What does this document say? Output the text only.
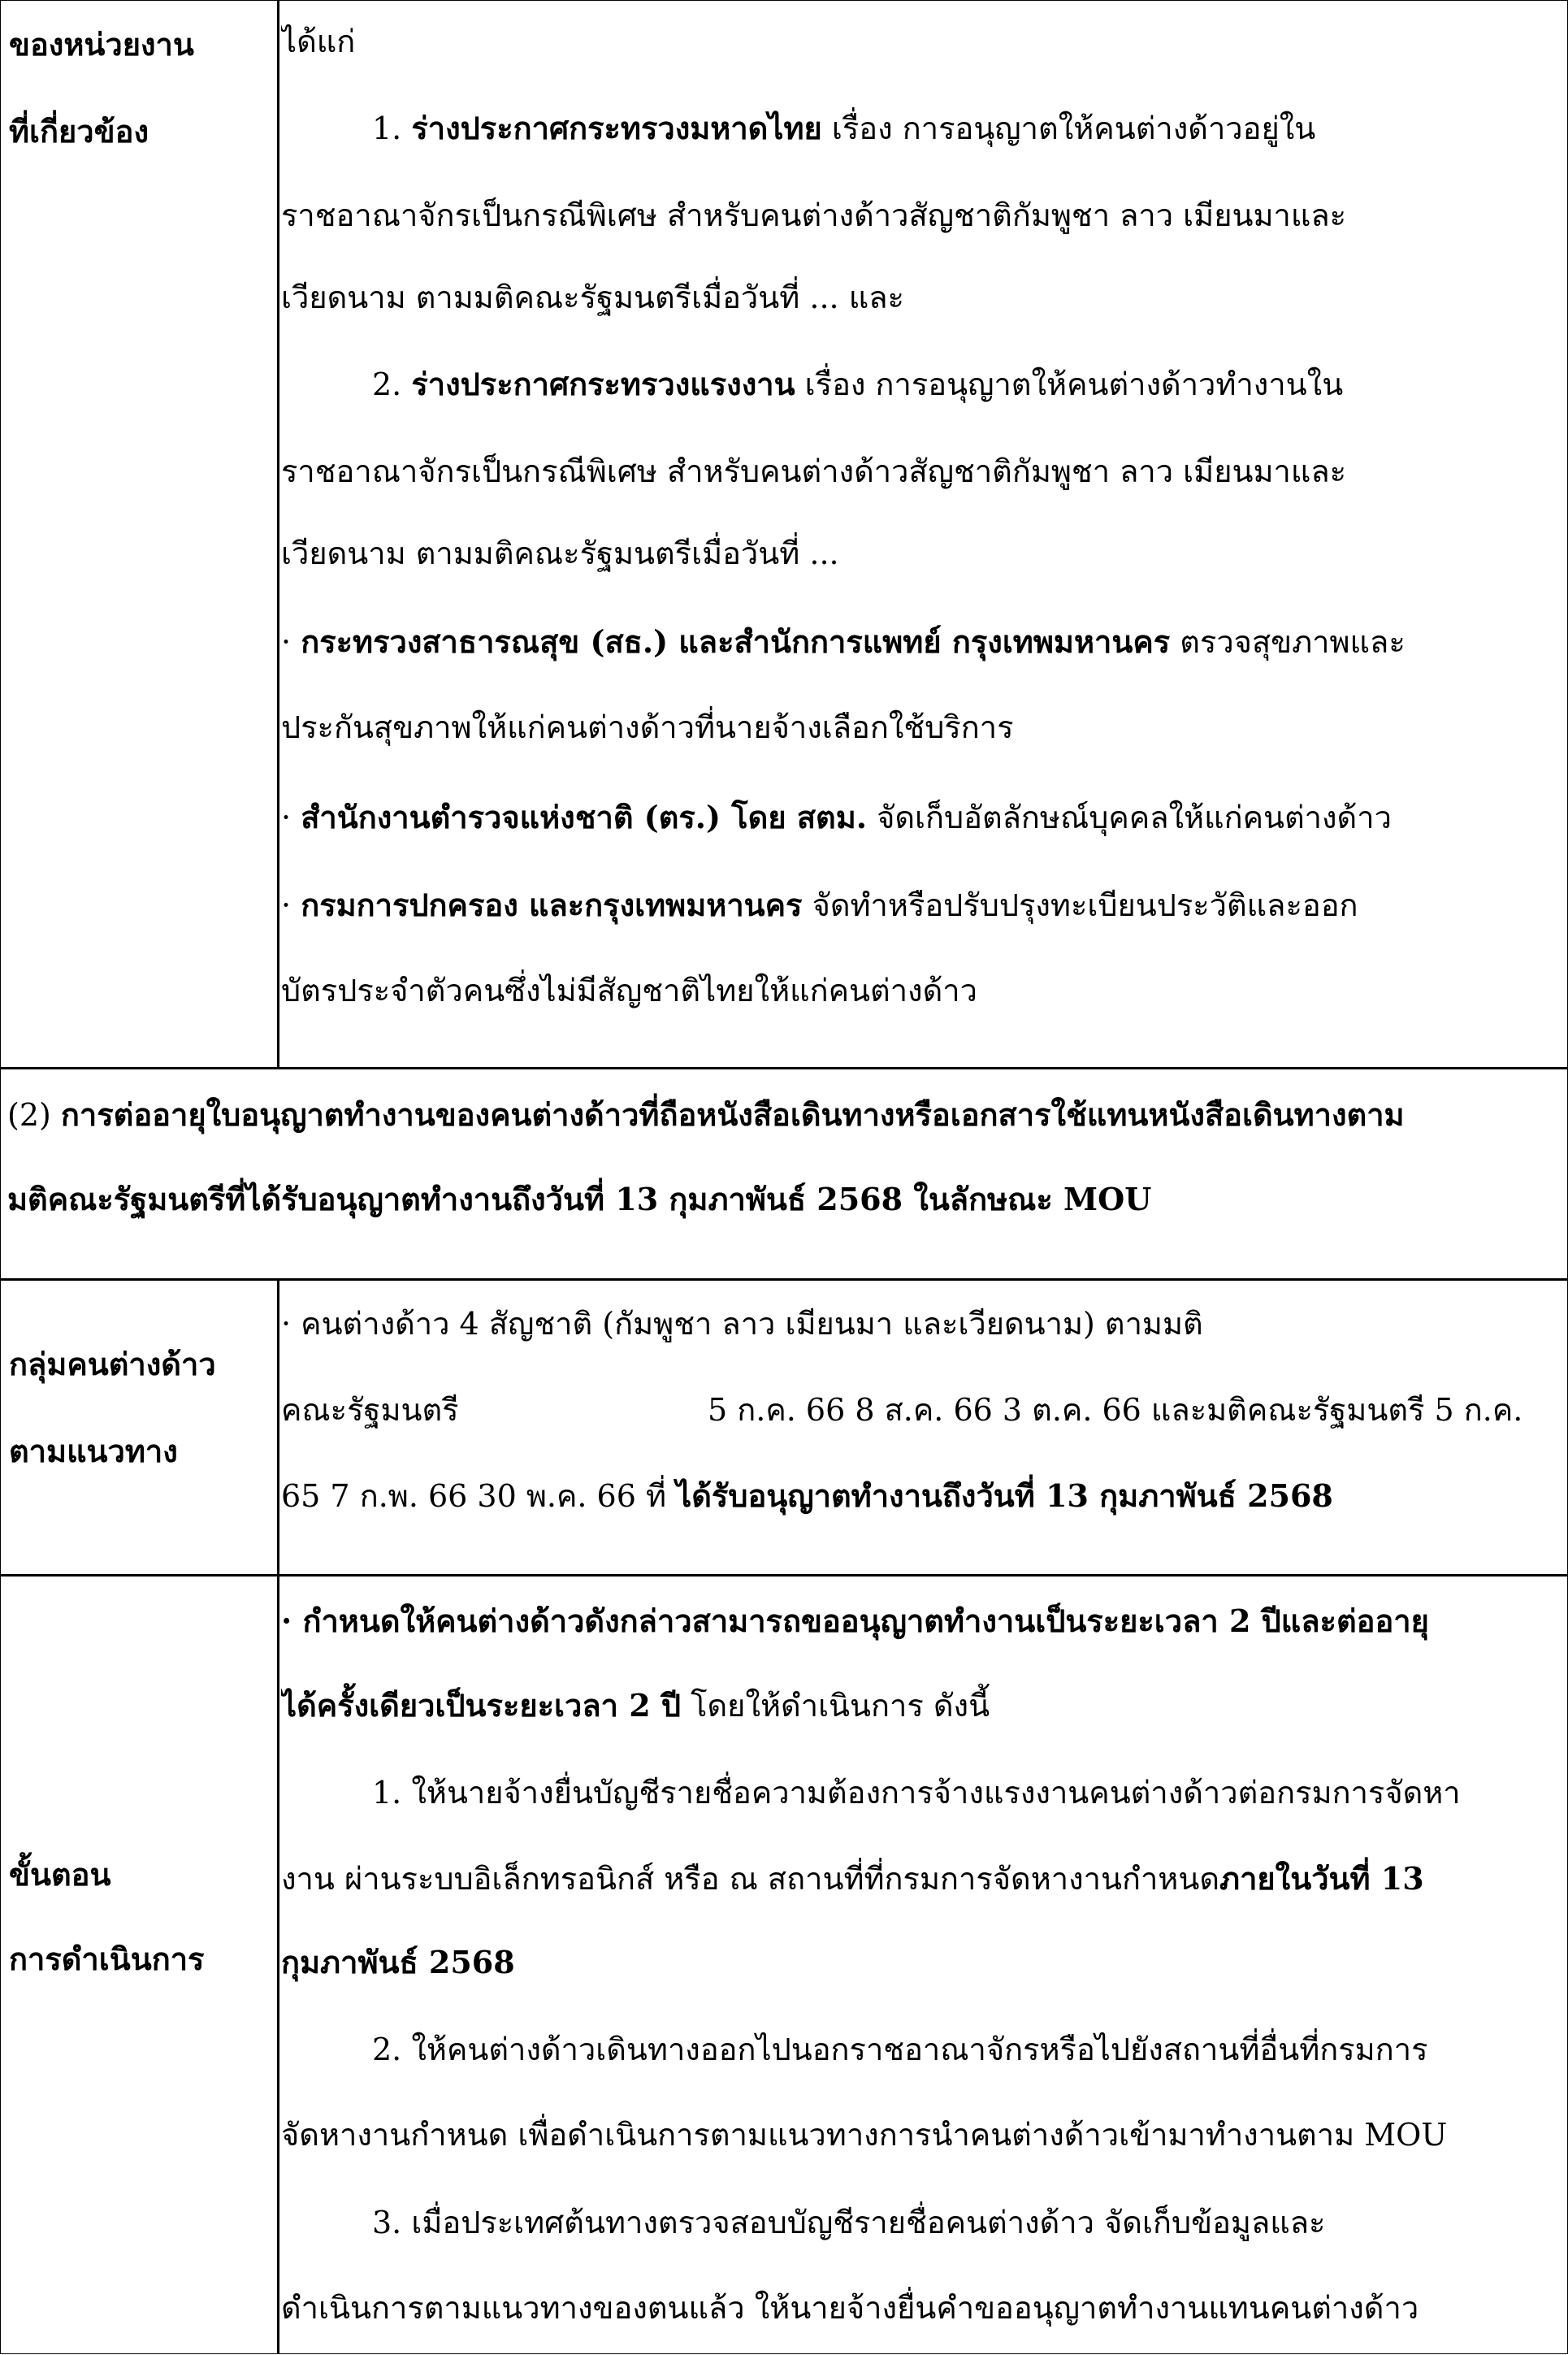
ของหน่วยงาน
ที่เกี่ยวข้อง
ได้แก่
1. ร่างประกาศกระทรวงมหาดไทย เรื่อง การอนุญาตให้คนต่างด้าวอยู่ใน
ราชอาณาจักรเป็นกรณีพิเศษ สำหรับคนต่างด้าวสัญชาติกัมพูชา ลาว เมียนมาและ
เวียดนาม ตามมติคณะรัฐมนตรีเมื่อวันที่ ... และ
2. ร่างประกาศกระทรวงแรงงาน เรื่อง การอนุญาตให้คนต่างด้าวทำงานใน
ราชอาณาจักรเป็นกรณีพิเศษ สำหรับคนต่างด้าวสัญชาติกัมพูชา ลาว เมียนมาและ
เวียดนาม ตามมติคณะรัฐมนตรีเมื่อวันที่ ...
· กระทรวงสาธารณสุข (สธ.) และสำนักการแพทย์ กรุงเทพมหานคร ตรวจสุขภาพและ
ประกันสุขภาพให้แก่คนต่างด้าวที่นายจ้างเลือกใช้บริการ
· สำนักงานตำรวจแห่งชาติ (ตร.) โดย สตม. จัดเก็บอัตลักษณ์บุคคลให้แก่คนต่างด้าว
· กรมการปกครอง และกรุงเทพมหานคร จัดทำหรือปรับปรุงทะเบียนประวัติและออก
บัตรประจำตัวคนซึ่งไม่มีสัญชาติไทยให้แก่คนต่างด้าว
(2) การต่ออายุใบอนุญาตทำงานของคนต่างด้าวที่ถือหนังสือเดินทางหรือเอกสารใช้แทนหนังสือเดินทางตาม
มติคณะรัฐมนตรีที่ได้รับอนุญาตทำงานถึงวันที่ 13 กุมภาพันธ์ 2568 ในลักษณะ MOU
กลุ่มคนต่างด้าว
ตามแนวทาง
· คนต่างด้าว 4 สัญชาติ (กัมพูชา ลาว เมียนมา และเวียดนาม) ตามมติ
คณะรัฐมนตรี	5 ก.ค. 66 8 ส.ค. 66 3 ต.ค. 66 และมติคณะรัฐมนตรี 5 ก.ค.
65 7 ก.พ. 66 30 พ.ค. 66 ที่ ได้รับอนุญาตทำงานถึงวันที่ 13 กุมภาพันธ์ 2568
ขั้นตอน
การดำเนินการ
· กำหนดให้คนต่างด้าวดังกล่าวสามารถขออนุญาตทำงานเป็นระยะเวลา 2 ปีและต่ออายุ
ได้ครั้งเดียวเป็นระยะเวลา 2 ปี โดยให้ดำเนินการ ดังนี้
1. ให้นายจ้างยื่นบัญชีรายชื่อความต้องการจ้างแรงงานคนต่างด้าวต่อกรมการจัดหา
งาน ผ่านระบบอิเล็กทรอนิกส์ หรือ ณ สถานที่ที่กรมการจัดหางานกำหนดภายในวันที่ 13
กุมภาพันธ์ 2568
2. ให้คนต่างด้าวเดินทางออกไปนอกราชอาณาจักรหรือไปยังสถานที่อื่นที่กรมการ
จัดหางานกำหนด เพื่อดำเนินการตามแนวทางการนำคนต่างด้าวเข้ามาทำงานตาม MOU
3. เมื่อประเทศต้นทางตรวจสอบบัญชีรายชื่อคนต่างด้าว จัดเก็บข้อมูลและ
ดำเนินการตามแนวทางของตนแล้ว ให้นายจ้างยื่นคำขออนุญาตทำงานแทนคนต่างด้าว
